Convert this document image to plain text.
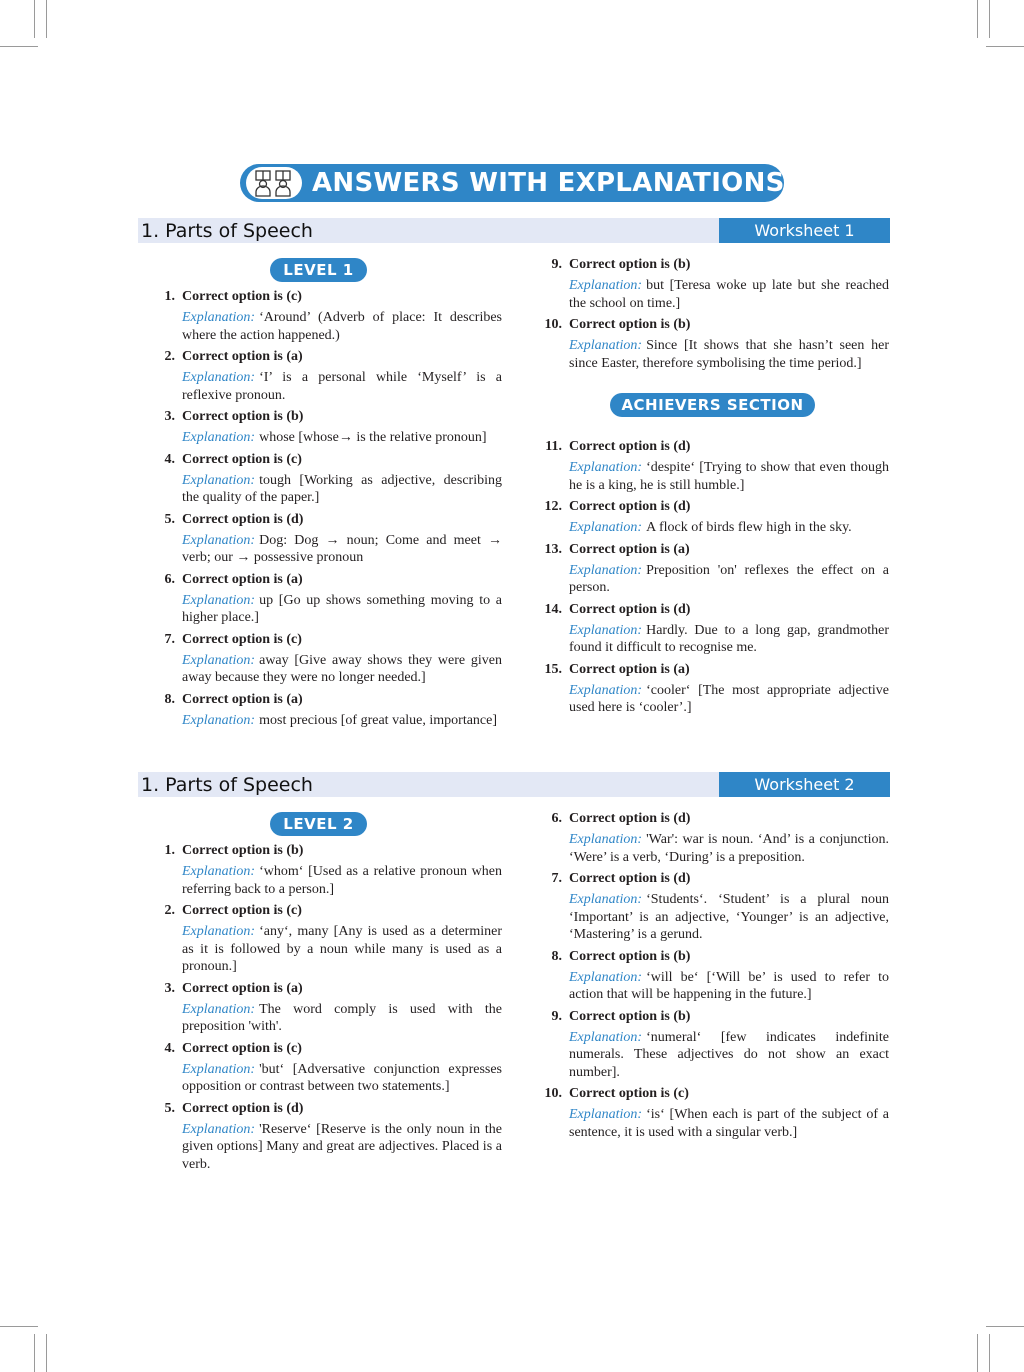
ANSWERS WITH EXPLANATIONS
1. Parts of Speech	Worksheet 1
LEVEL 1
1. Correct option is (c)
Explanation: ‘Around’ (Adverb of place: It describes where the action happened.)
2. Correct option is (a)
Explanation: ‘I’ is a personal while ‘Myself’ is a reflexive pronoun.
3. Correct option is (b)
Explanation: whose [whose→ is the relative pronoun]
4. Correct option is (c)
Explanation: tough [Working as adjective, describing the quality of the paper.]
5. Correct option is (d)
Explanation: Dog: Dog → noun; Come and meet → verb; our → possessive pronoun
6. Correct option is (a)
Explanation: up [Go up shows something moving to a higher place.]
7. Correct option is (c)
Explanation: away [Give away shows they were given away because they were no longer needed.]
8. Correct option is (a)
Explanation: most precious [of great value, importance]
9. Correct option is (b)
Explanation: but [Teresa woke up late but she reached the school on time.]
10. Correct option is (b)
Explanation: Since [It shows that she hasn’t seen her since Easter, therefore symbolising the time period.]
ACHIEVERS SECTION
11. Correct option is (d)
Explanation: ‘despite‘ [Trying to show that even though he is a king, he is still humble.]
12. Correct option is (d)
Explanation: A flock of birds flew high in the sky.
13. Correct option is (a)
Explanation: Preposition 'on' reflexes the effect on a person.
14. Correct option is (d)
Explanation: Hardly. Due to a long gap, grandmother found it difficult to recognise me.
15. Correct option is (a)
Explanation: ‘cooler‘ [The most appropriate adjective used here is ‘cooler’.]
1. Parts of Speech	Worksheet 2
LEVEL 2
1. Correct option is (b)
Explanation: ‘whom‘ [Used as a relative pronoun when referring back to a person.]
2. Correct option is (c)
Explanation: ‘any‘, many [Any is used as a determiner as it is followed by a noun while many is used as a pronoun.]
3. Correct option is (a)
Explanation: The word comply is used with the preposition 'with'.
4. Correct option is (c)
Explanation: 'but‘ [Adversative conjunction expresses opposition or contrast between two statements.]
5. Correct option is (d)
Explanation: 'Reserve‘ [Reserve is the only noun in the given options] Many and great are adjectives. Placed is a verb.
6. Correct option is (d)
Explanation: 'War': war is noun. ‘And’ is a conjunction. ‘Were’ is a verb, ‘During’ is a preposition.
7. Correct option is (d)
Explanation: ‘Students‘. ‘Student’ is a plural noun ‘Important’ is an adjective, ‘Younger’ is an adjective, ‘Mastering’ is a gerund.
8. Correct option is (b)
Explanation: ‘will be‘ [‘Will be’ is used to refer to action that will be happening in the future.]
9. Correct option is (b)
Explanation: ‘numeral‘ [few indicates indefinite numerals. These adjectives do not show an exact number].
10. Correct option is (c)
Explanation: ‘is‘ [When each is part of the subject of a sentence, it is used with a singular verb.]
